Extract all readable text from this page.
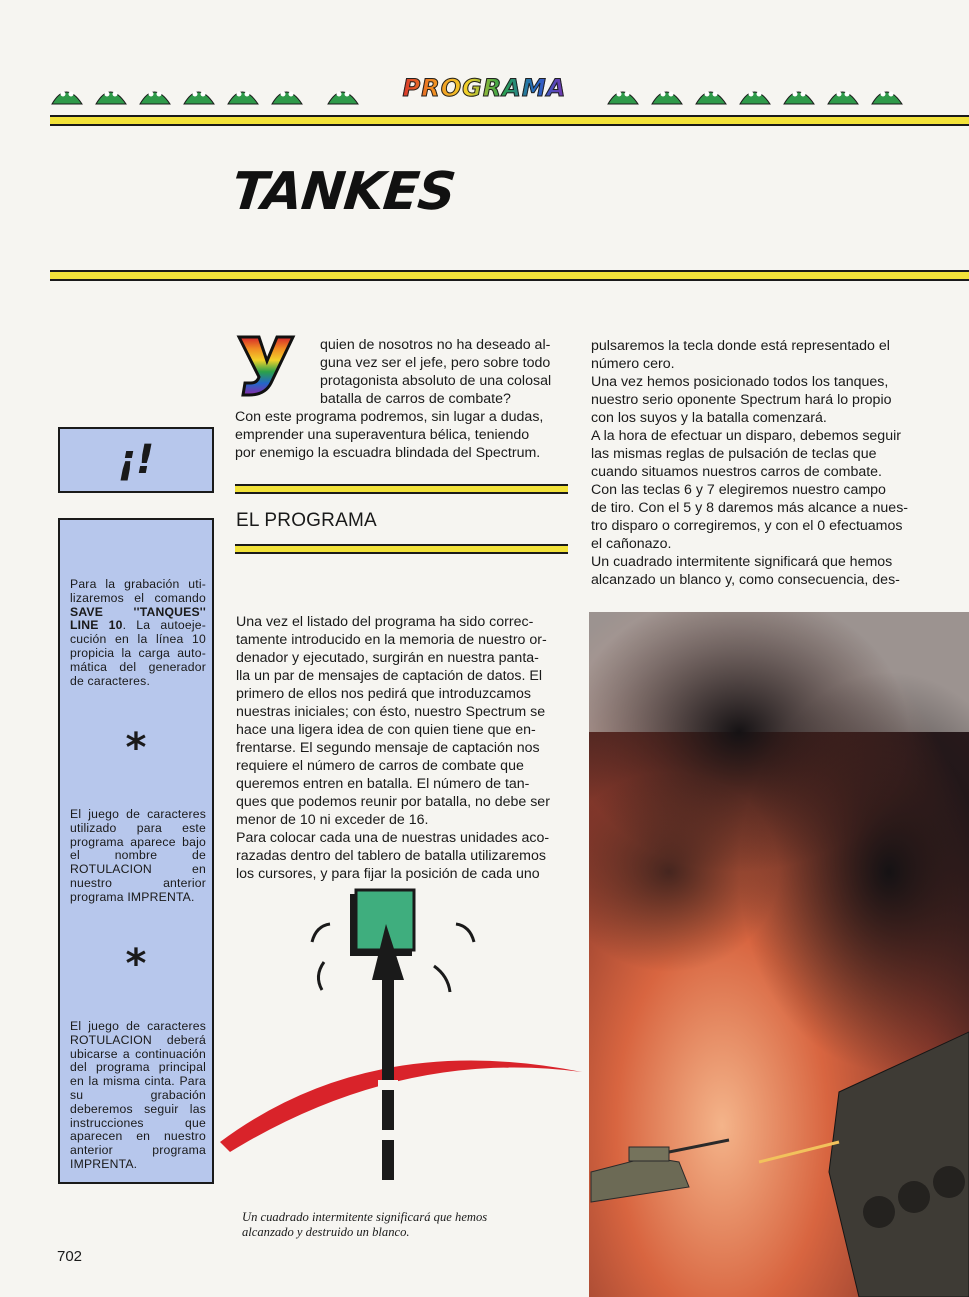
PROGRAMA
TANKES
quien de nosotros no ha deseado al-
guna vez ser el jefe, pero sobre todo
protagonista absoluto de una colosal
batalla de carros de combate?
Con este programa podremos, sin lugar a dudas,
emprender una superaventura bélica, teniendo
por enemigo la escuadra blindada del Spectrum.
EL PROGRAMA

Una vez el listado del programa ha sido correc-

tamente introducido en la memoria de nuestro or-

denador y ejecutado, surgirán en nuestra panta-

lla un par de mensajes de captación de datos. El

primero de ellos nos pedirá que introduzcamos

nuestras iniciales; con ésto, nuestro Spectrum se

hace una ligera idea de con quien tiene que en-

frentarse. El segundo mensaje de captación nos

requiere el número de carros de combate que

queremos entren en batalla. El número de tan-

ques que podemos reunir por batalla, no debe ser

menor de 10 ni exceder de 16.

Para colocar cada una de nuestras unidades aco-

razadas dentro del tablero de batalla utilizaremos

los cursores, y para fijar la posición de cada uno

pulsaremos la tecla donde está representado el

número cero.

Una vez hemos posicionado todos los tanques,

nuestro serio oponente Spectrum hará lo propio

con los suyos y la batalla comenzará.

A la hora de efectuar un disparo, debemos seguir

las mismas reglas de pulsación de teclas que

cuando situamos nuestros carros de combate.

Con las teclas 6 y 7 elegiremos nuestro campo

de tiro. Con el 5 y 8 daremos más alcance a nues-

tro disparo o corregiremos, y con el 0 efectuamos

el cañonazo.

Un cuadrado intermitente significará que hemos

alcanzado un blanco y, como consecuencia, des-

¡!
Para la grabación uti-lizaremos el comando SAVE ''TANQUES'' LINE 10. La autoeje-cución en la línea 10 propicia la carga auto-mática del generador de caracteres.
*
El juego de caracteres utilizado para este programa aparece bajo el nombre de ROTULACION en nuestro anterior programa IMPRENTA.
*
El juego de caracteres ROTULACION deberá ubicarse a continuación del programa principal en la misma cinta. Para su grabación deberemos seguir las instrucciones que aparecen en nuestro anterior programa IMPRENTA.
Un cuadrado intermitente significará que hemos alcanzado y destruido un blanco.
702
